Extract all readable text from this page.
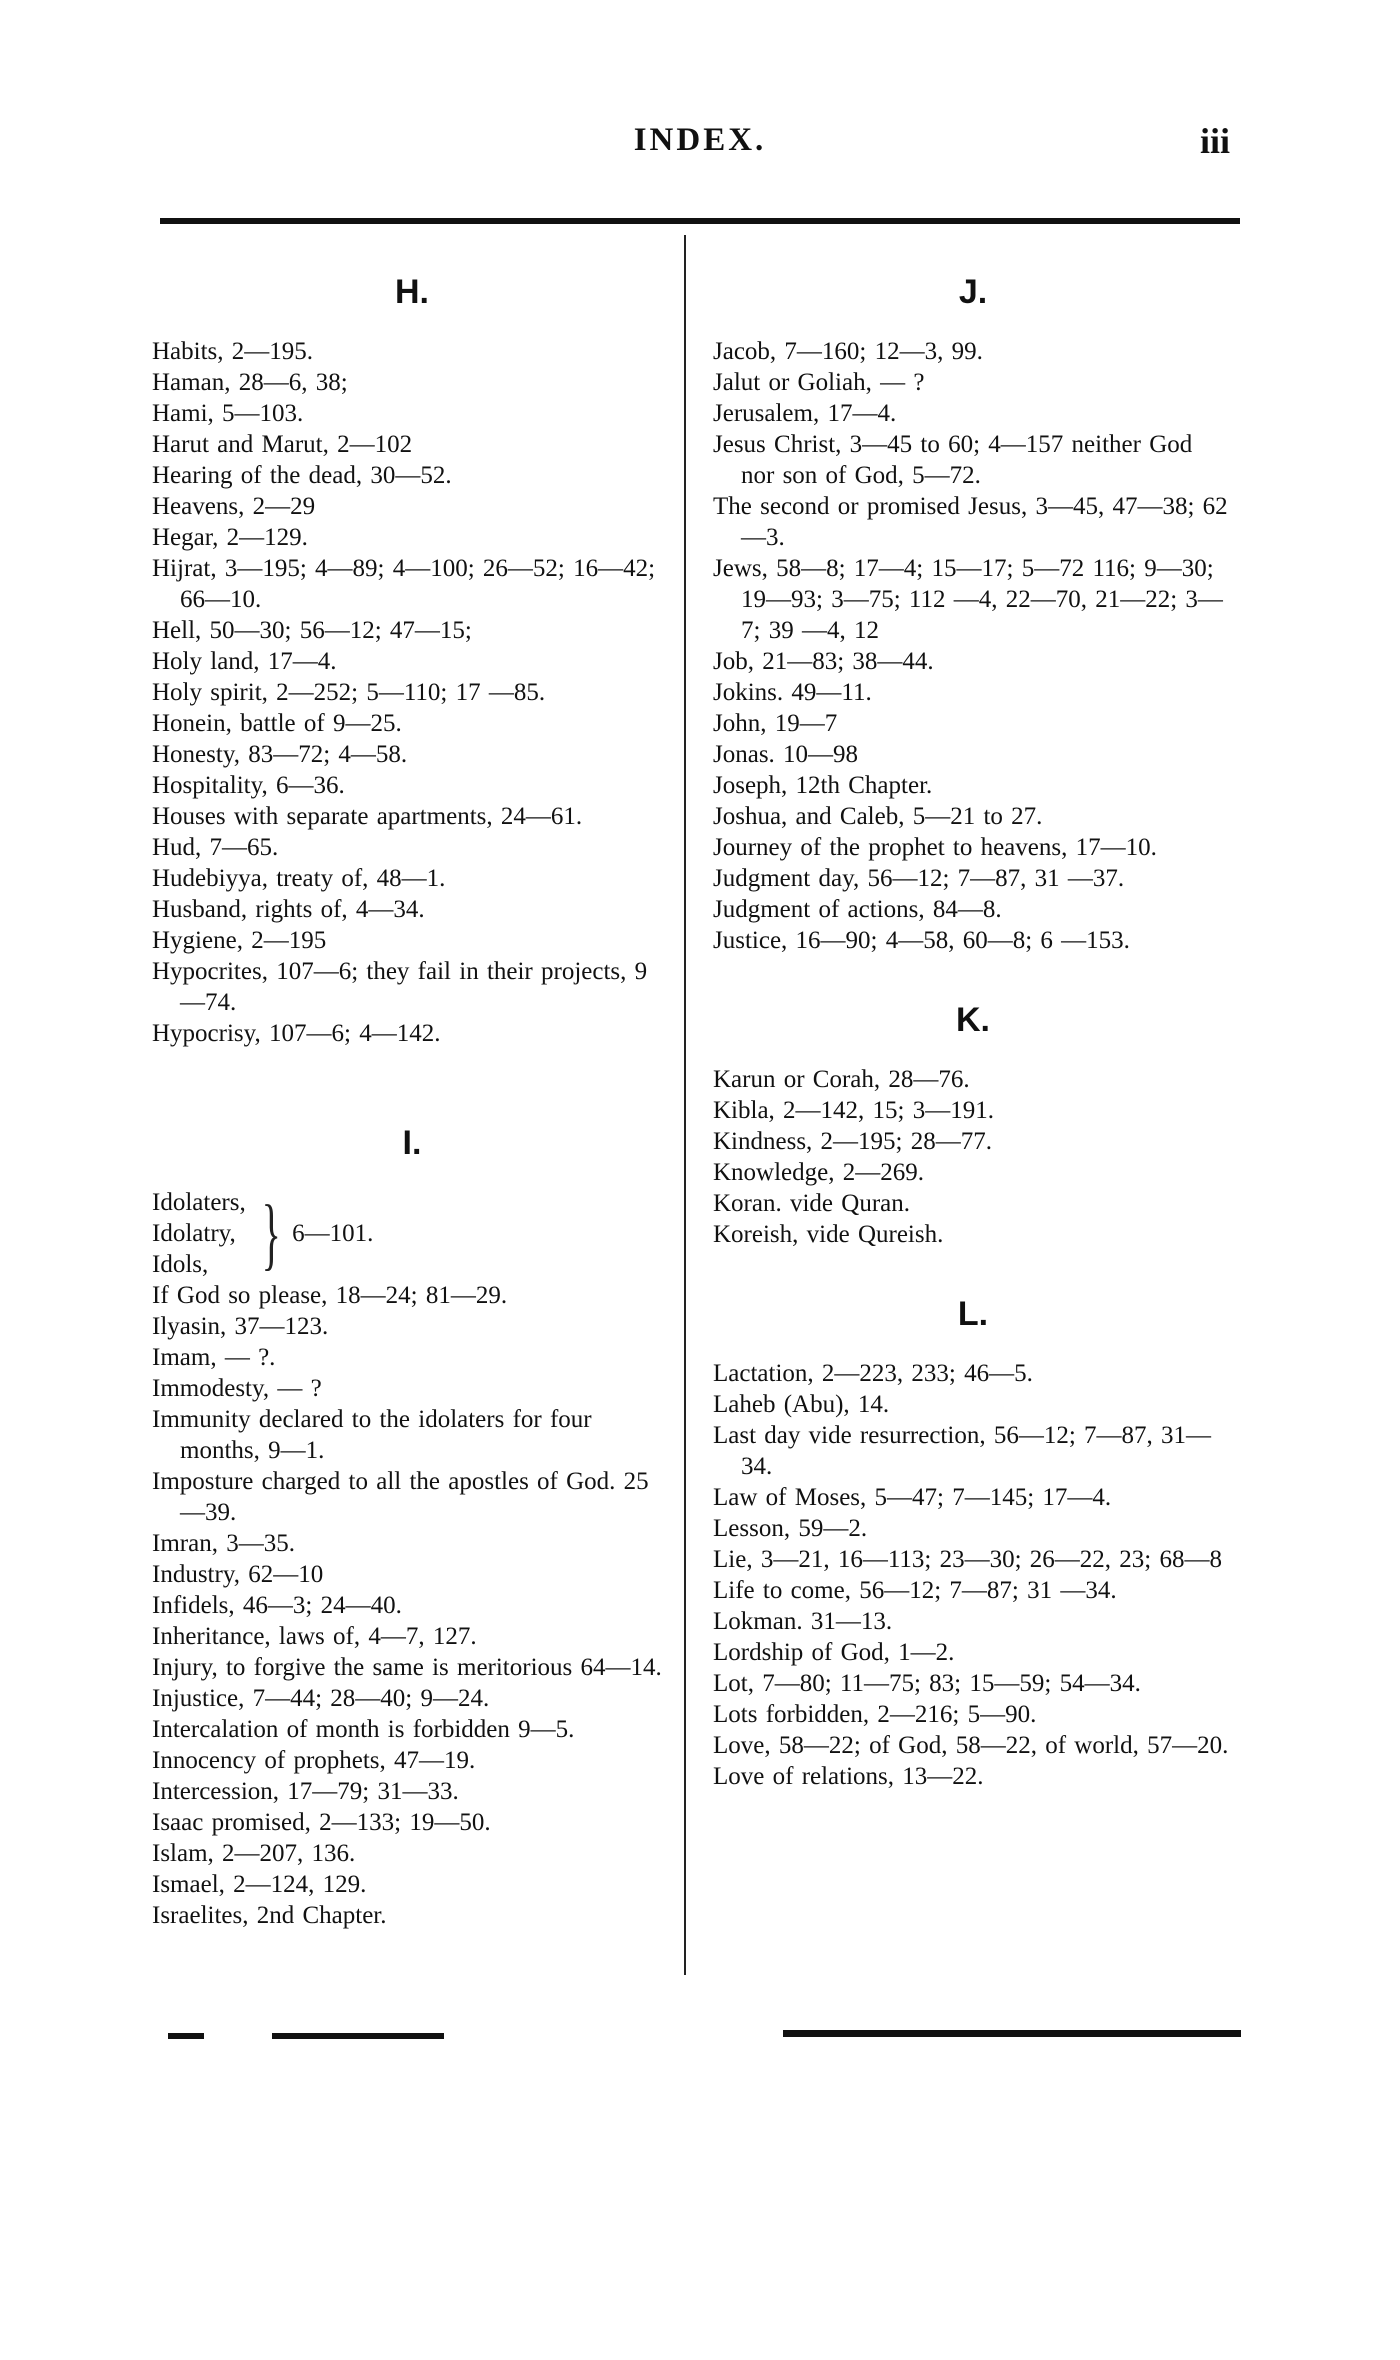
INDEX.	iii
H.
Habits, 2—195.
Haman, 28—6, 38;
Hami, 5—103.
Harut and Marut, 2—102
Hearing of the dead, 30—52.
Heavens, 2—29
Hegar, 2—129.
Hijrat, 3—195; 4—89; 4—100; 26—52; 16—42; 66—10.
Hell, 50—30; 56—12; 47—15;
Holy land, 17—4.
Holy spirit, 2—252; 5—110; 17 —85.
Honein, battle of 9—25.
Honesty, 83—72; 4—58.
Hospitality, 6—36.
Houses with separate apartments, 24—61.
Hud, 7—65.
Hudebiyya, treaty of, 48—1.
Husband, rights of, 4—34.
Hygiene, 2—195
Hypocrites, 107—6; they fail in their projects, 9—74.
Hypocrisy, 107—6; 4—142.
I.
Idolaters,
Idolatry,
Idols, } 6—101.
If God so please, 18—24; 81—29.
Ilyasin, 37—123.
Imam, — ?.
Immodesty, — ?
Immunity declared to the idolaters for four months, 9—1.
Imposture charged to all the apostles of God. 25—39.
Imran, 3—35.
Industry, 62—10
Infidels, 46—3; 24—40.
Inheritance, laws of, 4—7, 127.
Injury, to forgive the same is meritorious 64—14.
Injustice, 7—44; 28—40; 9—24.
Intercalation of month is forbidden 9—5.
Innocency of prophets, 47—19.
Intercession, 17—79; 31—33.
Isaac promised, 2—133; 19—50.
Islam, 2—207, 136.
Ismael, 2—124, 129.
Israelites, 2nd Chapter.
J.
Jacob, 7—160; 12—3, 99.
Jalut or Goliah, — ?
Jerusalem, 17—4.
Jesus Christ, 3—45 to 60; 4—157 neither God nor son of God, 5—72.
The second or promised Jesus, 3—45, 47—38; 62—3.
Jews, 58—8; 17—4; 15—17; 5—72 116; 9—30; 19—93; 3—75; 112 —4, 22—70, 21—22; 3—7; 39 —4, 12
Job, 21—83; 38—44.
Jokins. 49—11.
John, 19—7
Jonas. 10—98
Joseph, 12th Chapter.
Joshua, and Caleb, 5—21 to 27.
Journey of the prophet to heavens, 17—10.
Judgment day, 56—12; 7—87, 31 —37.
Judgment of actions, 84—8.
Justice, 16—90; 4—58, 60—8; 6 —153.
K.
Karun or Corah, 28—76.
Kibla, 2—142, 15; 3—191.
Kindness, 2—195; 28—77.
Knowledge, 2—269.
Koran. vide Quran.
Koreish, vide Qureish.
L.
Lactation, 2—223, 233; 46—5.
Laheb (Abu), 14.
Last day vide resurrection, 56—12; 7—87, 31—34.
Law of Moses, 5—47; 7—145; 17—4.
Lesson, 59—2.
Lie, 3—21, 16—113; 23—30; 26—22, 23; 68—8
Life to come, 56—12; 7—87; 31 —34.
Lokman. 31—13.
Lordship of God, 1—2.
Lot, 7—80; 11—75; 83; 15—59; 54—34.
Lots forbidden, 2—216; 5—90.
Love, 58—22; of God, 58—22, of world, 57—20.
Love of relations, 13—22.
